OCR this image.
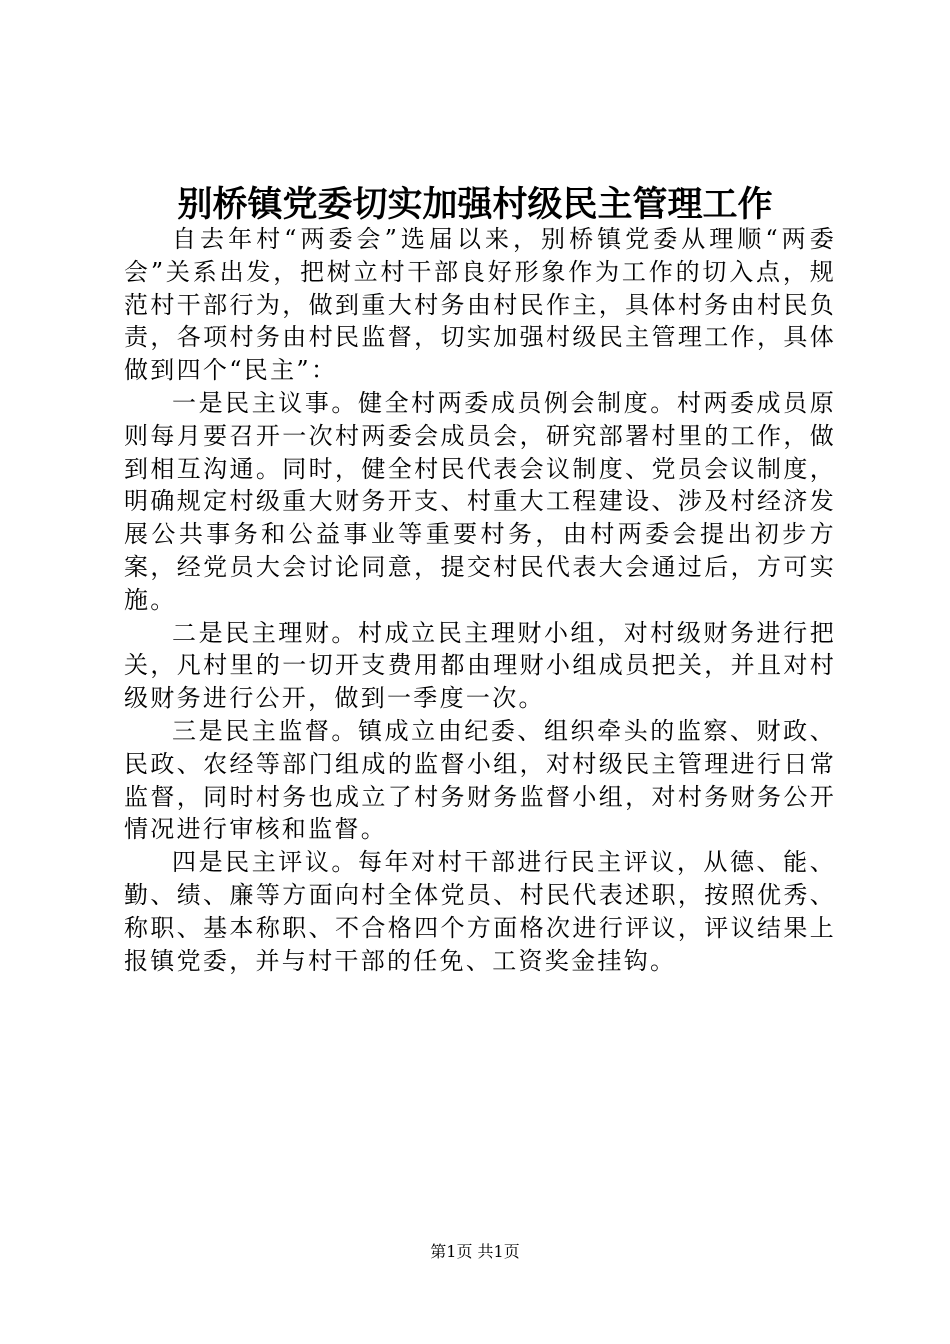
别桥镇党委切实加强村级民主管理工作

自去年村“两委会”选届以来，别桥镇党委从理顺“两委会”关系出发，把树立村干部良好形象作为工作的切入点，规范村干部行为，做到重大村务由村民作主，具体村务由村民负责，各项村务由村民监督，切实加强村级民主管理工作，具体做到四个“民主”：

一是民主议事。健全村两委成员例会制度。村两委成员原则每月要召开一次村两委会成员会，研究部署村里的工作，做到相互沟通。同时，健全村民代表会议制度、党员会议制度，明确规定村级重大财务开支、村重大工程建设、涉及村经济发展公共事务和公益事业等重要村务，由村两委会提出初步方案，经党员大会讨论同意，提交村民代表大会通过后，方可实施。

二是民主理财。村成立民主理财小组，对村级财务进行把关，凡村里的一切开支费用都由理财小组成员把关，并且对村级财务进行公开，做到一季度一次。

三是民主监督。镇成立由纪委、组织牵头的监察、财政、民政、农经等部门组成的监督小组，对村级民主管理进行日常监督，同时村务也成立了村务财务监督小组，对村务财务公开情况进行审核和监督。

四是民主评议。每年对村干部进行民主评议，从德、能、勤、绩、廉等方面向村全体党员、村民代表述职，按照优秀、称职、基本称职、不合格四个方面格次进行评议，评议结果上报镇党委，并与村干部的任免、工资奖金挂钩。

第1页 共1页
